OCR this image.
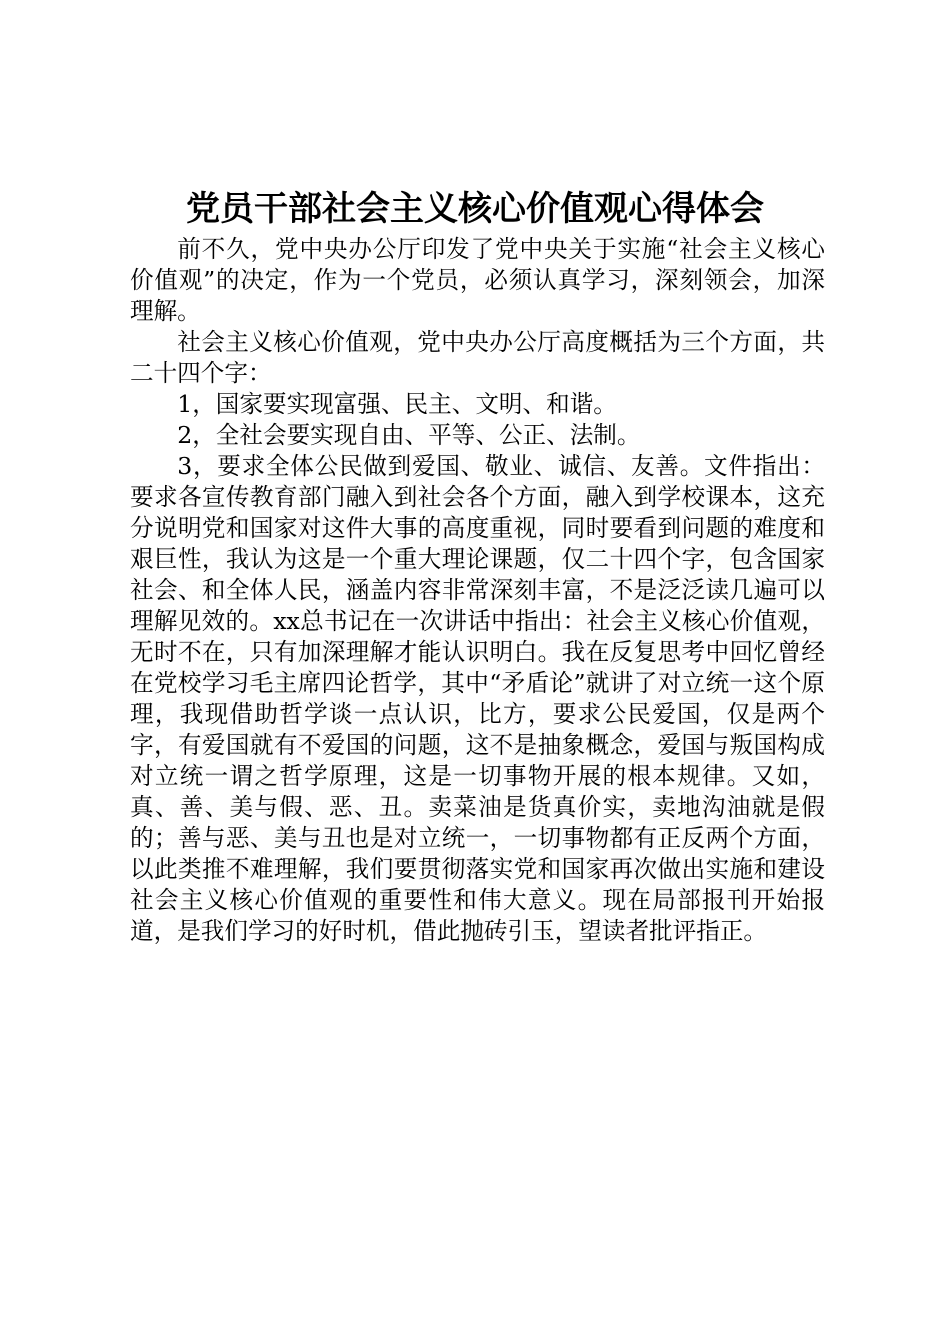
党员干部社会主义核心价值观心得体会

前不久，党中央办公厅印发了党中央关于实施“社会主义核心价值观”的决定，作为一个党员，必须认真学习，深刻领会，加深理解。

社会主义核心价值观，党中央办公厅高度概括为三个方面，共二十四个字：

1，国家要实现富强、民主、文明、和谐。

2，全社会要实现自由、平等、公正、法制。

3，要求全体公民做到爱国、敬业、诚信、友善。文件指出：要求各宣传教育部门融入到社会各个方面，融入到学校课本，这充分说明党和国家对这件大事的高度重视，同时要看到问题的难度和艰巨性，我认为这是一个重大理论课题，仅二十四个字，包含国家社会、和全体人民，涵盖内容非常深刻丰富，不是泛泛读几遍可以理解见效的。xx总书记在一次讲话中指出：社会主义核心价值观，无时不在，只有加深理解才能认识明白。我在反复思考中回忆曾经在党校学习毛主席四论哲学，其中“矛盾论”就讲了对立统一这个原理，我现借助哲学谈一点认识，比方，要求公民爱国，仅是两个字，有爱国就有不爱国的问题，这不是抽象概念，爱国与叛国构成对立统一谓之哲学原理，这是一切事物开展的根本规律。又如，真、善、美与假、恶、丑。卖菜油是货真价实，卖地沟油就是假的；善与恶、美与丑也是对立统一，一切事物都有正反两个方面，以此类推不难理解，我们要贯彻落实党和国家再次做出实施和建设社会主义核心价值观的重要性和伟大意义。现在局部报刊开始报道，是我们学习的好时机，借此抛砖引玉，望读者批评指正。
